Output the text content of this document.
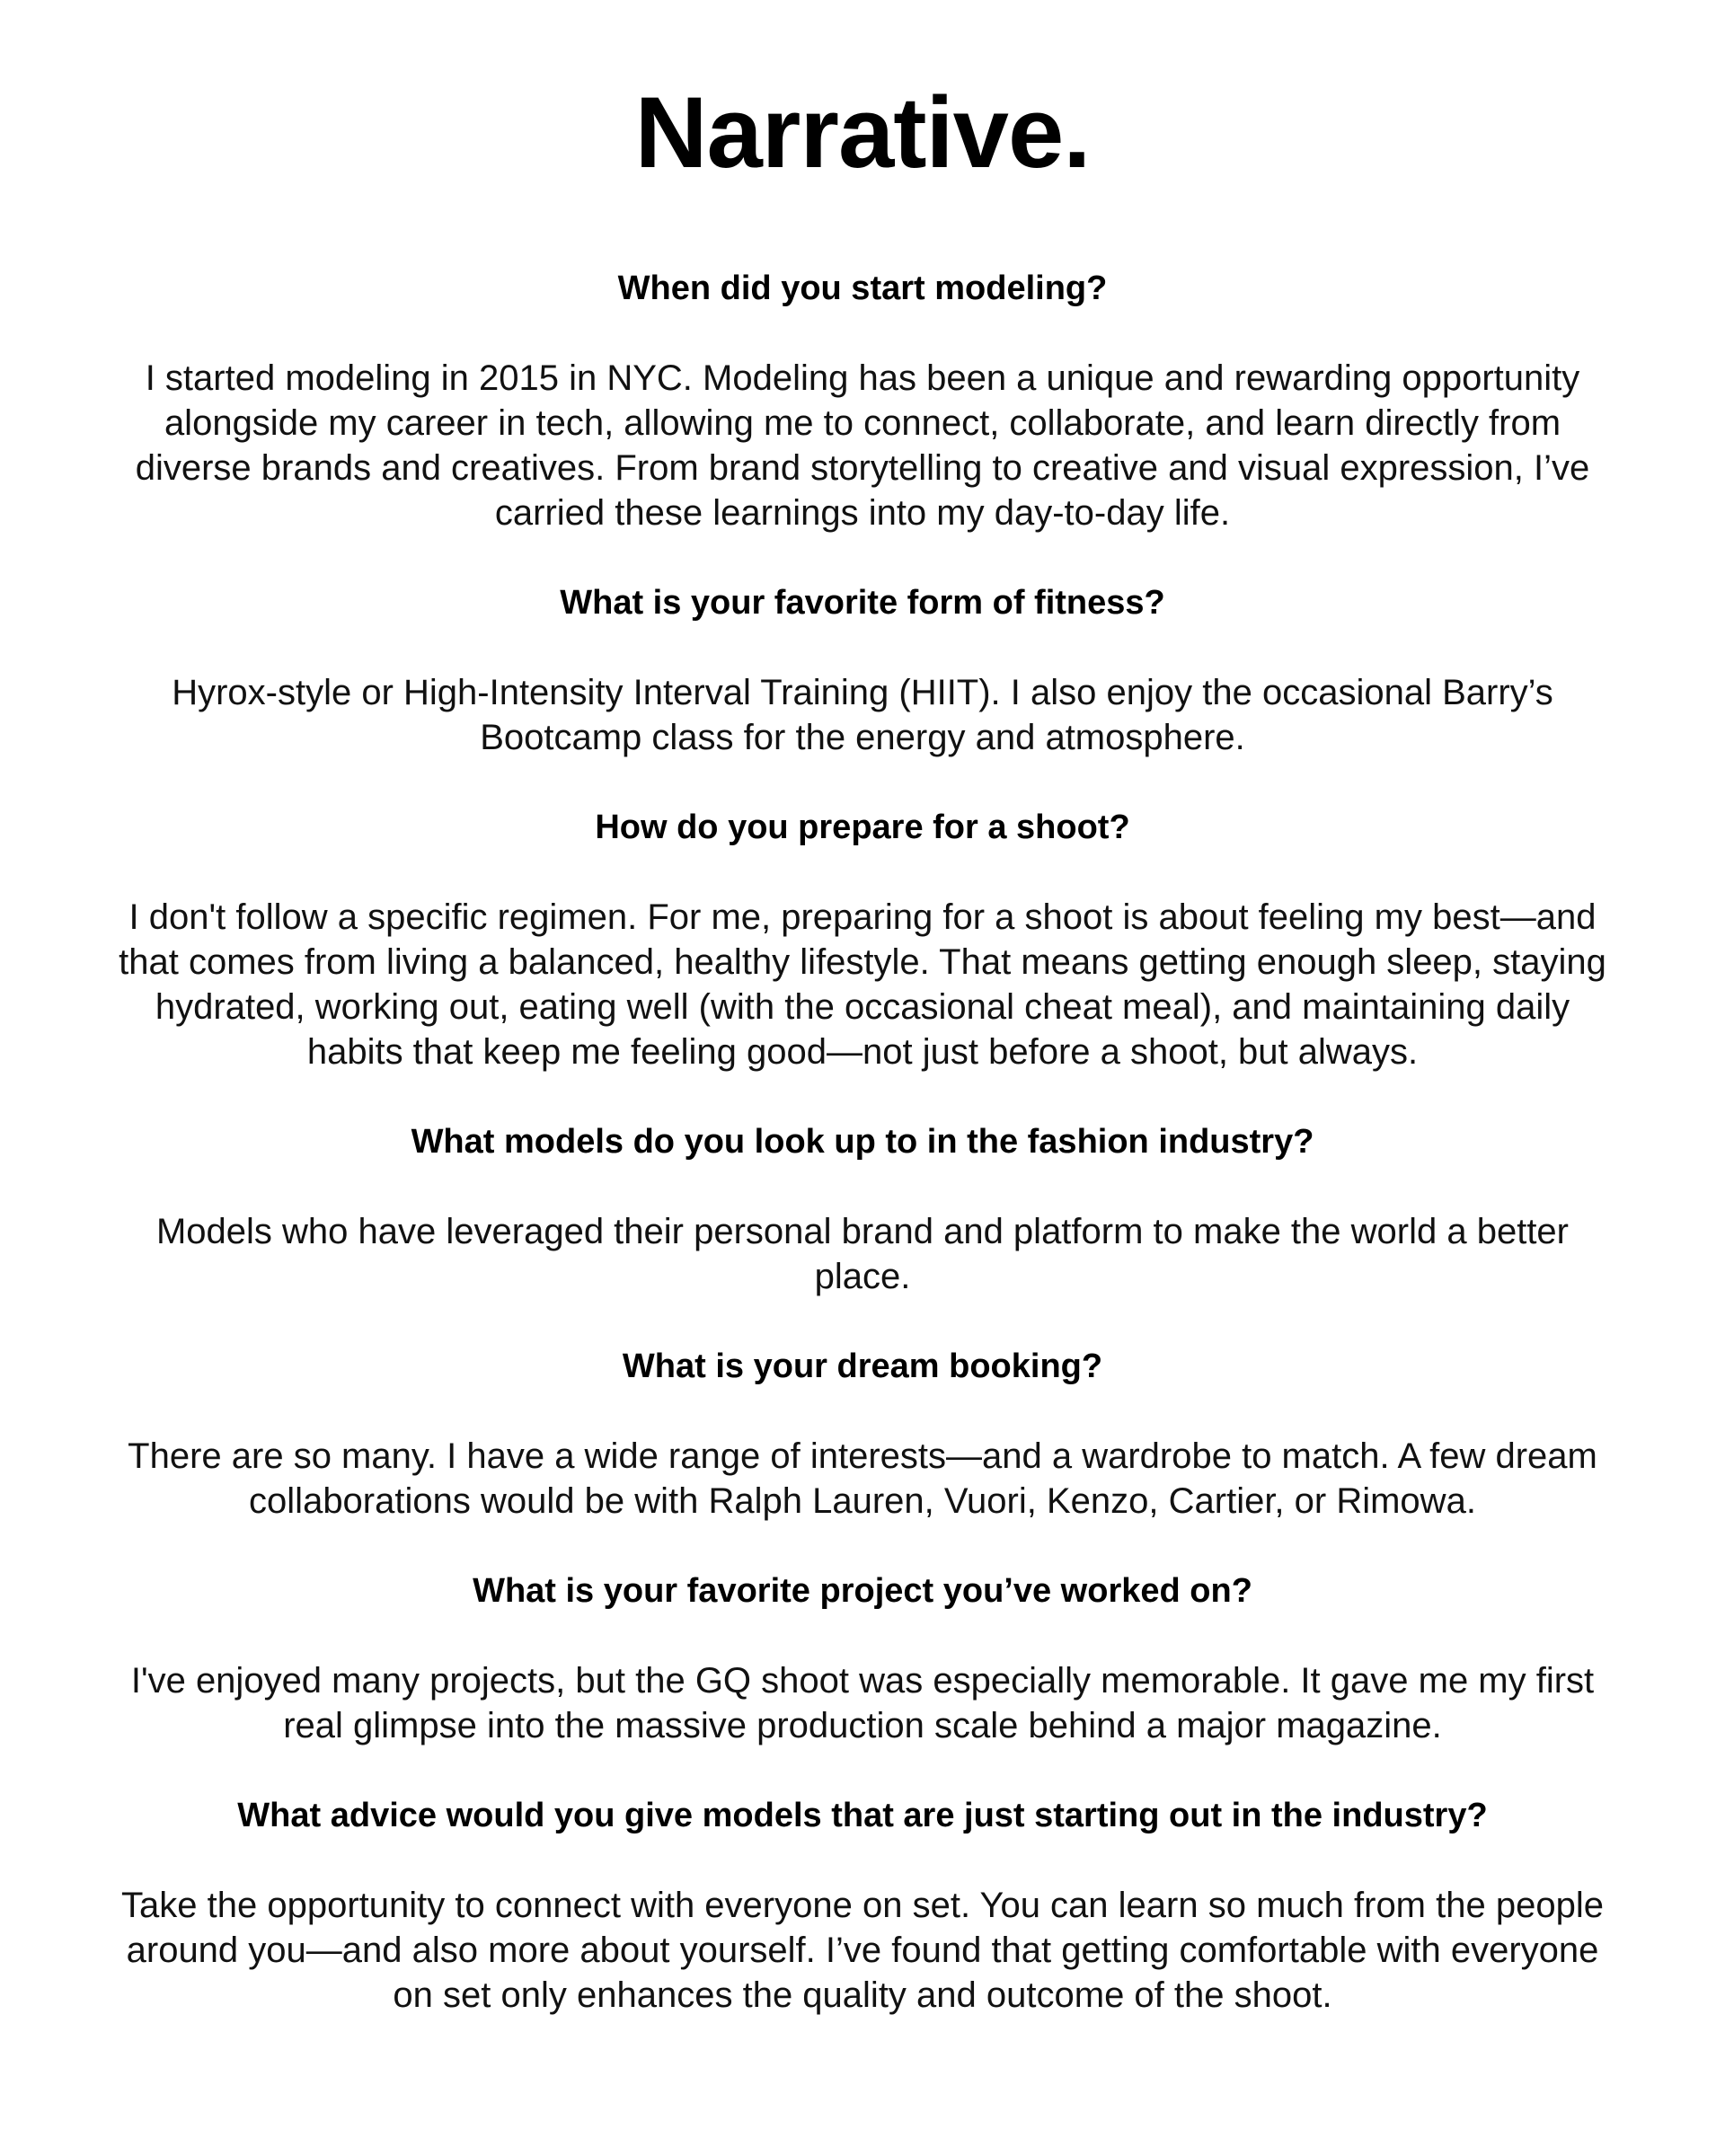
Narrative.
When did you start modeling?

I started modeling in 2015 in NYC. Modeling has been a unique and rewarding opportunity alongside my career in tech, allowing me to connect, collaborate, and learn directly from diverse brands and creatives. From brand storytelling to creative and visual expression, I’ve carried these learnings into my day-to-day life.

What is your favorite form of fitness?

Hyrox-style or High-Intensity Interval Training (HIIT). I also enjoy the occasional Barry’s Bootcamp class for the energy and atmosphere.

How do you prepare for a shoot?

I don't follow a specific regimen. For me, preparing for a shoot is about feeling my best—and that comes from living a balanced, healthy lifestyle. That means getting enough sleep, staying hydrated, working out, eating well (with the occasional cheat meal), and maintaining daily habits that keep me feeling good—not just before a shoot, but always.

What models do you look up to in the fashion industry?

Models who have leveraged their personal brand and platform to make the world a better place.

What is your dream booking?

There are so many. I have a wide range of interests—and a wardrobe to match. A few dream collaborations would be with Ralph Lauren, Vuori, Kenzo, Cartier, or Rimowa.

What is your favorite project you’ve worked on?

I've enjoyed many projects, but the GQ shoot was especially memorable. It gave me my first real glimpse into the massive production scale behind a major magazine.

What advice would you give models that are just starting out in the industry?

Take the opportunity to connect with everyone on set. You can learn so much from the people around you—and also more about yourself. I’ve found that getting comfortable with everyone on set only enhances the quality and outcome of the shoot.
